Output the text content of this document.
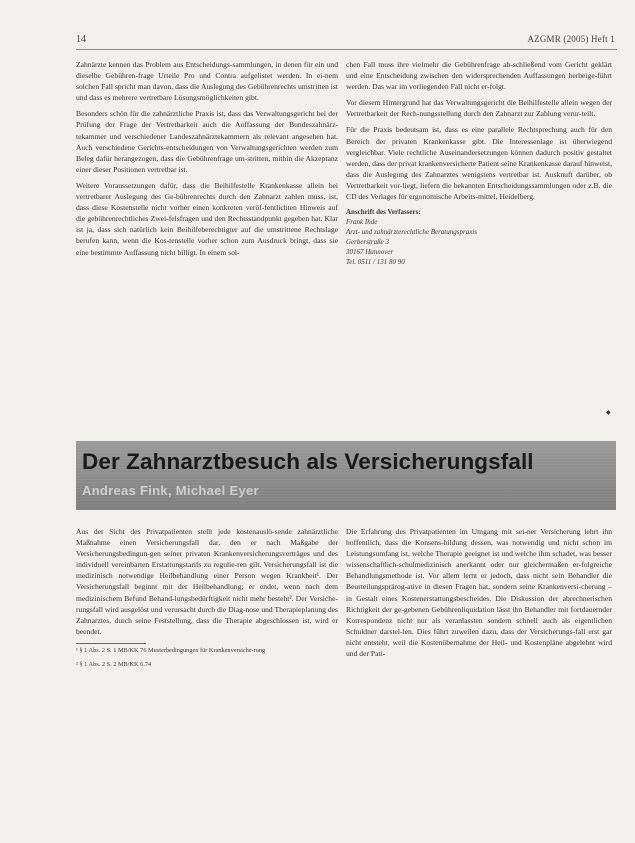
14	AZGMR (2005) Heft 1

Zahnärzte kennen das Problem aus Entscheidungs-sammlungen, in denen für ein und dieselbe Gebühren-frage Urteile Pro und Contra aufgelistet werden. In ei-nem solchen Fall spricht man davon, dass die Auslegung des Gebührenrechts umstritten ist und dass es mehrere vertretbare Lösungsmöglichkeiten gibt.

Besonders schön für die zahnärztliche Praxis ist, dass das Verwaltungsgericht bei der Prüfung der Frage der Vertretbarkeit auch die Auffassung der Bundeszahnärz-tekammer und verschiedener Landeszahnärztekammern als relevant angesehen hat. Auch verschiedene Gerichts-entscheidungen von Verwaltungsgerichten werden zum Beleg dafür herangezogen, dass die Gebührenfrage um-stritten, mithin die Akzeptanz einer dieser Positionen vertretbar ist.

Weitere Voraussetzungen dafür, dass die Beihilfestelle Krankenkasse allein bei vertretbarer Auslegung des Ge-bührenrechts durch den Zahnarzt zahlen muss, ist, dass diese Kostenstelle nicht vorher einen konkreten veröf-fentlichten Hinweis auf die gebührenrechtliches Zwei-felsfragen und den Rechtsstandpunkt gegeben hat. Klar ist ja, dass sich natürlich kein Beihilfeberechtigter auf die umstrittene Rechtslage berufen kann, wenn die Kos-tenstelle vorher schon zum Ausdruck bringt, dass sie eine bestimmte Auffassung nicht billigt. In einem sol-

chen Fall muss ihre vielmehr die Gebührenfrage ab-schließend vom Gericht geklärt und eine Entscheidung zwischen den widersprechenden Auffassungen herbeige-führt werden. Das war im vorliegenden Fall nicht er-folgt.

Vor diesem Hintergrund hat das Verwaltungsgericht die Beihilfestelle allein wegen der Vertretbarkeit der Rech-nungsstellung durch den Zahnarzt zur Zahlung verur-teilt.

Für die Praxis bedeutsam ist, dass es eine parallele Rechtsprechung auch für den Bereich der privaten Krankenkasse gibt. Die Interessenlage ist überwiegend vergleichbar. Viele rechtliche Auseinandersetzungen können dadurch positiv gestaltet werden, dass der privat krankenversicherte Patient seine Krankenkasse darauf hinweist, dass die Auslegung des Zahnarztes wenigstens vertretbar ist. Ausknuft darüber, ob Vertretbarkeit vor-liegt, liefern die bekannten Entscheidungssammlungen oder z.B. die CD des Verlages für ergonomische Arbeits-mittel, Heidelberg.

Anschrift des Verfassers:
Frank Ihde
Arzt- und zahnärzterechtliche Beratungspraxis
Gerberstraße 3
30167 Hannover
Tel. 0511 / 131 80 90
◆
Der Zahnarztbesuch als Versicherungsfall
Andreas Fink, Michael Eyer

Aus der Sicht des Privatpatienten stellt jede kostenauslö-sende zahnärztliche Maßnahme einen Versicherungsfall dar, den er nach Maßgabe der Versicherungsbedingun-gen seiner privaten Krankenversicherungsverträges und des individuell vereinbarten Erstattungstarifs zu regulie-ren gilt. Versicherungsfall ist die medizinisch notwendige Heilbehandlung einer Person wegen Krankheit¹. Der Versicherungsfall beginnt mit der Heilbehandlung; er endet, wenn nach dem medizinischem Befund Behand-lungsbedürftigkeit nicht mehr besteht². Der Versiche-rungsfall wird ausgelöst und verursacht durch die Diag-nose und Therapieplanung des Zahnarztes, durch seine Feststellung, dass die Therapie abgeschlossen ist, wird er beendet.

¹ § 1 Abs. 2 S. 1 MB/KK 76 Musterbedingungen für Krankenversiche-rung

² § 1 Abs. 2 S. 2 MB/KK 6.74

Die Erfahrung des Privatpatienten im Umgang mit sei-ner Versicherung lehrt ihn hoffentlich, dass die Konsens-bildung dessen, was notwendig und nicht schon im Leistungsumfang ist, welche Therapie geeignet ist und welche ihm schadet, was besser wissenschaftlich-schulmedizinisch anerkannt oder nur gleichermaßen er-folgreiche Behandlungsmethode ist. Vor allem lernt er jedoch, dass nicht sein Behandler die Beurteilungsprärog-ative in diesen Fragen hat, sondern seine Krankenversi-cherung – in Gestalt eines Kostenerstattungsbescheides. Die Diskussion der abrechnerischen Richtigkeit der ge-gebenen Gebührenliquidation lässt ihn Behandler mit fortdauernder Korrespondenz nicht nur als veranlassten sondern schnell auch als eigentlichen Schuldner darstel-len. Dies führt zuweilen dazu, dass der Versicherungs-fall erst gar nicht entsteht, weil die Kostenübernahme der Heil- und Kostenpläne abgelehnt wird und der Pati-
